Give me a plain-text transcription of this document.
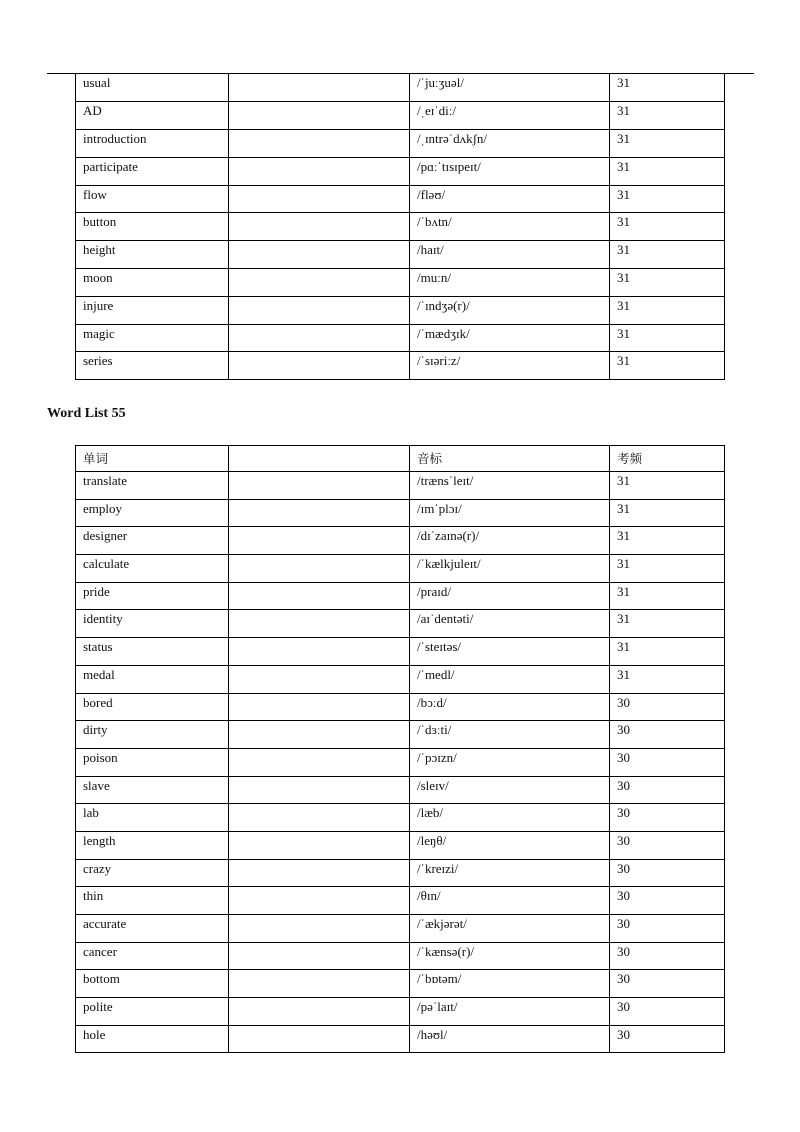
usual		/ˈjuːʒuəl/	31
AD		/ˌeɪˈdiː/	31
introduction		/ˌɪntrəˈdʌkʃn/	31
participate		/pɑːˈtɪsɪpeɪt/	31
flow		/fləʊ/	31
button		/ˈbʌtn/	31
height		/haɪt/	31
moon		/muːn/	31
injure		/ˈɪndʒə(r)/	31
magic		/ˈmædʒɪk/	31
series		/ˈsɪəriːz/	31
Word List 55
单词		音标	考频
translate		/trænsˈleɪt/	31
employ		/ɪmˈplɔɪ/	31
designer		/dɪˈzaɪnə(r)/	31
calculate		/ˈkælkjuleɪt/	31
pride		/praɪd/	31
identity		/aɪˈdentəti/	31
status		/ˈsteɪtəs/	31
medal		/ˈmedl/	31
bored		/bɔːd/	30
dirty		/ˈdɜːti/	30
poison		/ˈpɔɪzn/	30
slave		/sleɪv/	30
lab		/læb/	30
length		/leŋθ/	30
crazy		/ˈkreɪzi/	30
thin		/θɪn/	30
accurate		/ˈækjərət/	30
cancer		/ˈkænsə(r)/	30
bottom		/ˈbɒtəm/	30
polite		/pəˈlaɪt/	30
hole		/həʊl/	30
